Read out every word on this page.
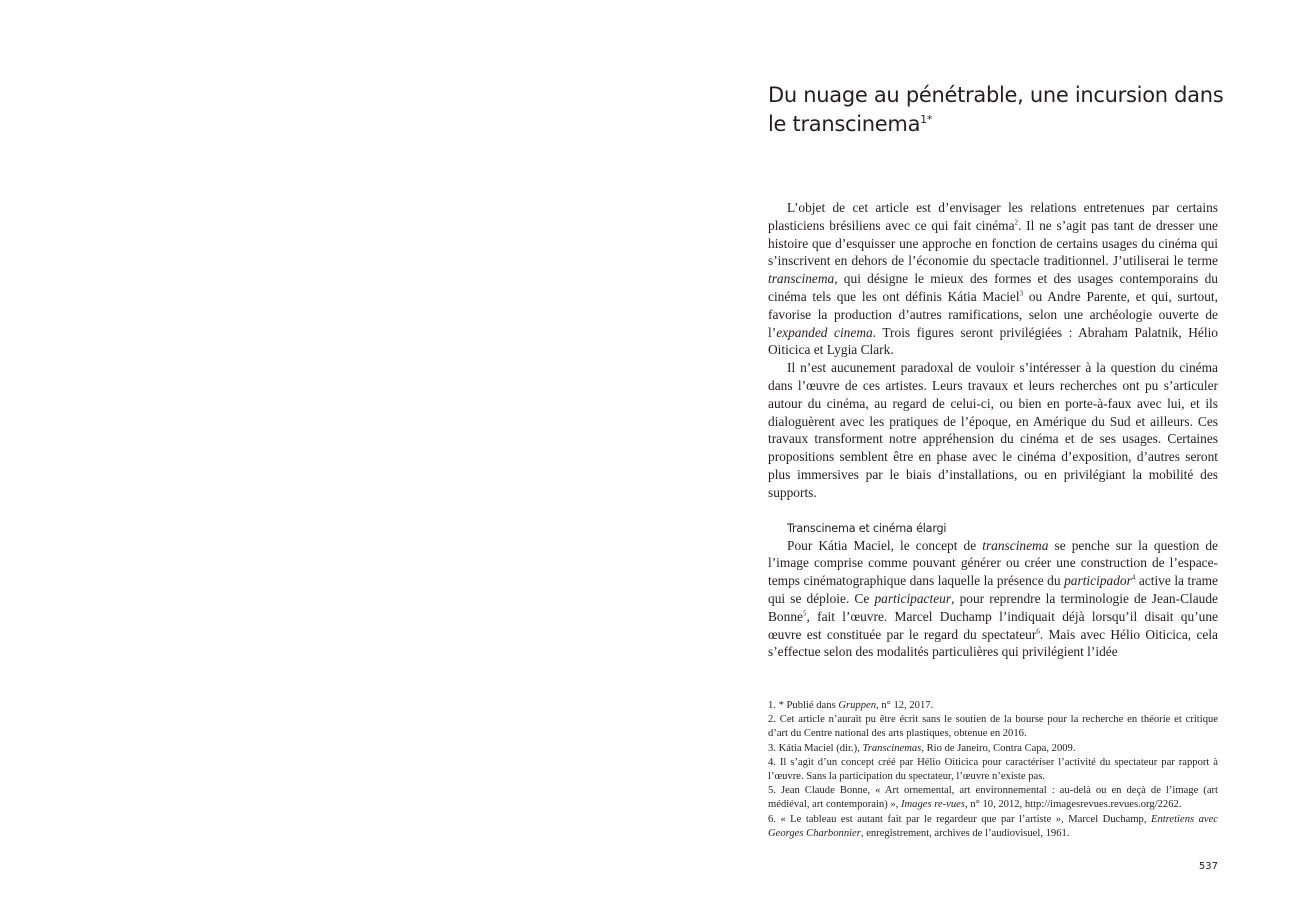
Du nuage au pénétrable, une incursion dans le transcinema$^{1*}$

L’objet de cet article est d’envisager les relations entretenues par certains plasticiens brésiliens avec ce qui fait cinéma$^2$. Il ne s’agit pas tant de dresser une histoire que d’esquisser une approche en fonction de certains usages du cinéma qui s’inscrivent en dehors de l’économie du spectacle traditionnel. J’utiliserai le terme transcinema, qui désigne le mieux des formes et des usages contemporains du cinéma tels que les ont définis Kátia Maciel$^3$ ou Andre Parente, et qui, surtout, favorise la production d’autres ramifications, selon une archéologie ouverte de l’expanded cinema. Trois figures seront privilégiées : Abraham Palatnik, Hélio Oiticica et Lygia Clark.

Il n’est aucunement paradoxal de vouloir s’intéresser à la question du cinéma dans l’œuvre de ces artistes. Leurs travaux et leurs recherches ont pu s’articuler autour du cinéma, au regard de celui-ci, ou bien en porte-à-faux avec lui, et ils dialoguèrent avec les pratiques de l’époque, en Amérique du Sud et ailleurs. Ces travaux transforment notre appréhension du cinéma et de ses usages. Certaines propositions semblent être en phase avec le cinéma d’exposition, d’autres seront plus immersives par le biais d’installations, ou en privilégiant la mobilité des supports.

Transcinema et cinéma élargi

Pour Kátia Maciel, le concept de transcinema se penche sur la question de l’image comprise comme pouvant générer ou créer une construction de l’espace-temps cinématographique dans laquelle la présence du participador$^4$ active la trame qui se déploie. Ce participacteur, pour reprendre la terminologie de Jean-Claude Bonne$^5$, fait l’œuvre. Marcel Duchamp l’indiquait déjà lorsqu’il disait qu’une œuvre est constituée par le regard du spectateur$^6$. Mais avec Hélio Oiticica, cela s’effectue selon des modalités particulières qui privilégient l’idée

1. * Publié dans Gruppen, n° 12, 2017.

2. Cet article n’aurait pu être écrit sans le soutien de la bourse pour la recherche en théorie et critique d’art du Centre national des arts plastiques, obtenue en 2016.

3. Kátia Maciel (dir.), Transcinemas, Rio de Janeiro, Contra Capa, 2009.

4. Il s’agit d’un concept créé par Hélio Oiticica pour caractériser l’activité du spectateur par rapport à l’œuvre. Sans la participation du spectateur, l’œuvre n’existe pas.

5. Jean Claude Bonne, « Art ornemental, art environnemental : au-delà ou en deçà de l’image (art médiéval, art contemporain) », Images re-vues, n° 10, 2012, http://imagesrevues.revues.org/2262.

6. « Le tableau est autant fait par le regardeur que par l’artiste », Marcel Duchamp, Entretiens avec Georges Charbonnier, enregistrement, archives de l’audiovisuel, 1961.

537
